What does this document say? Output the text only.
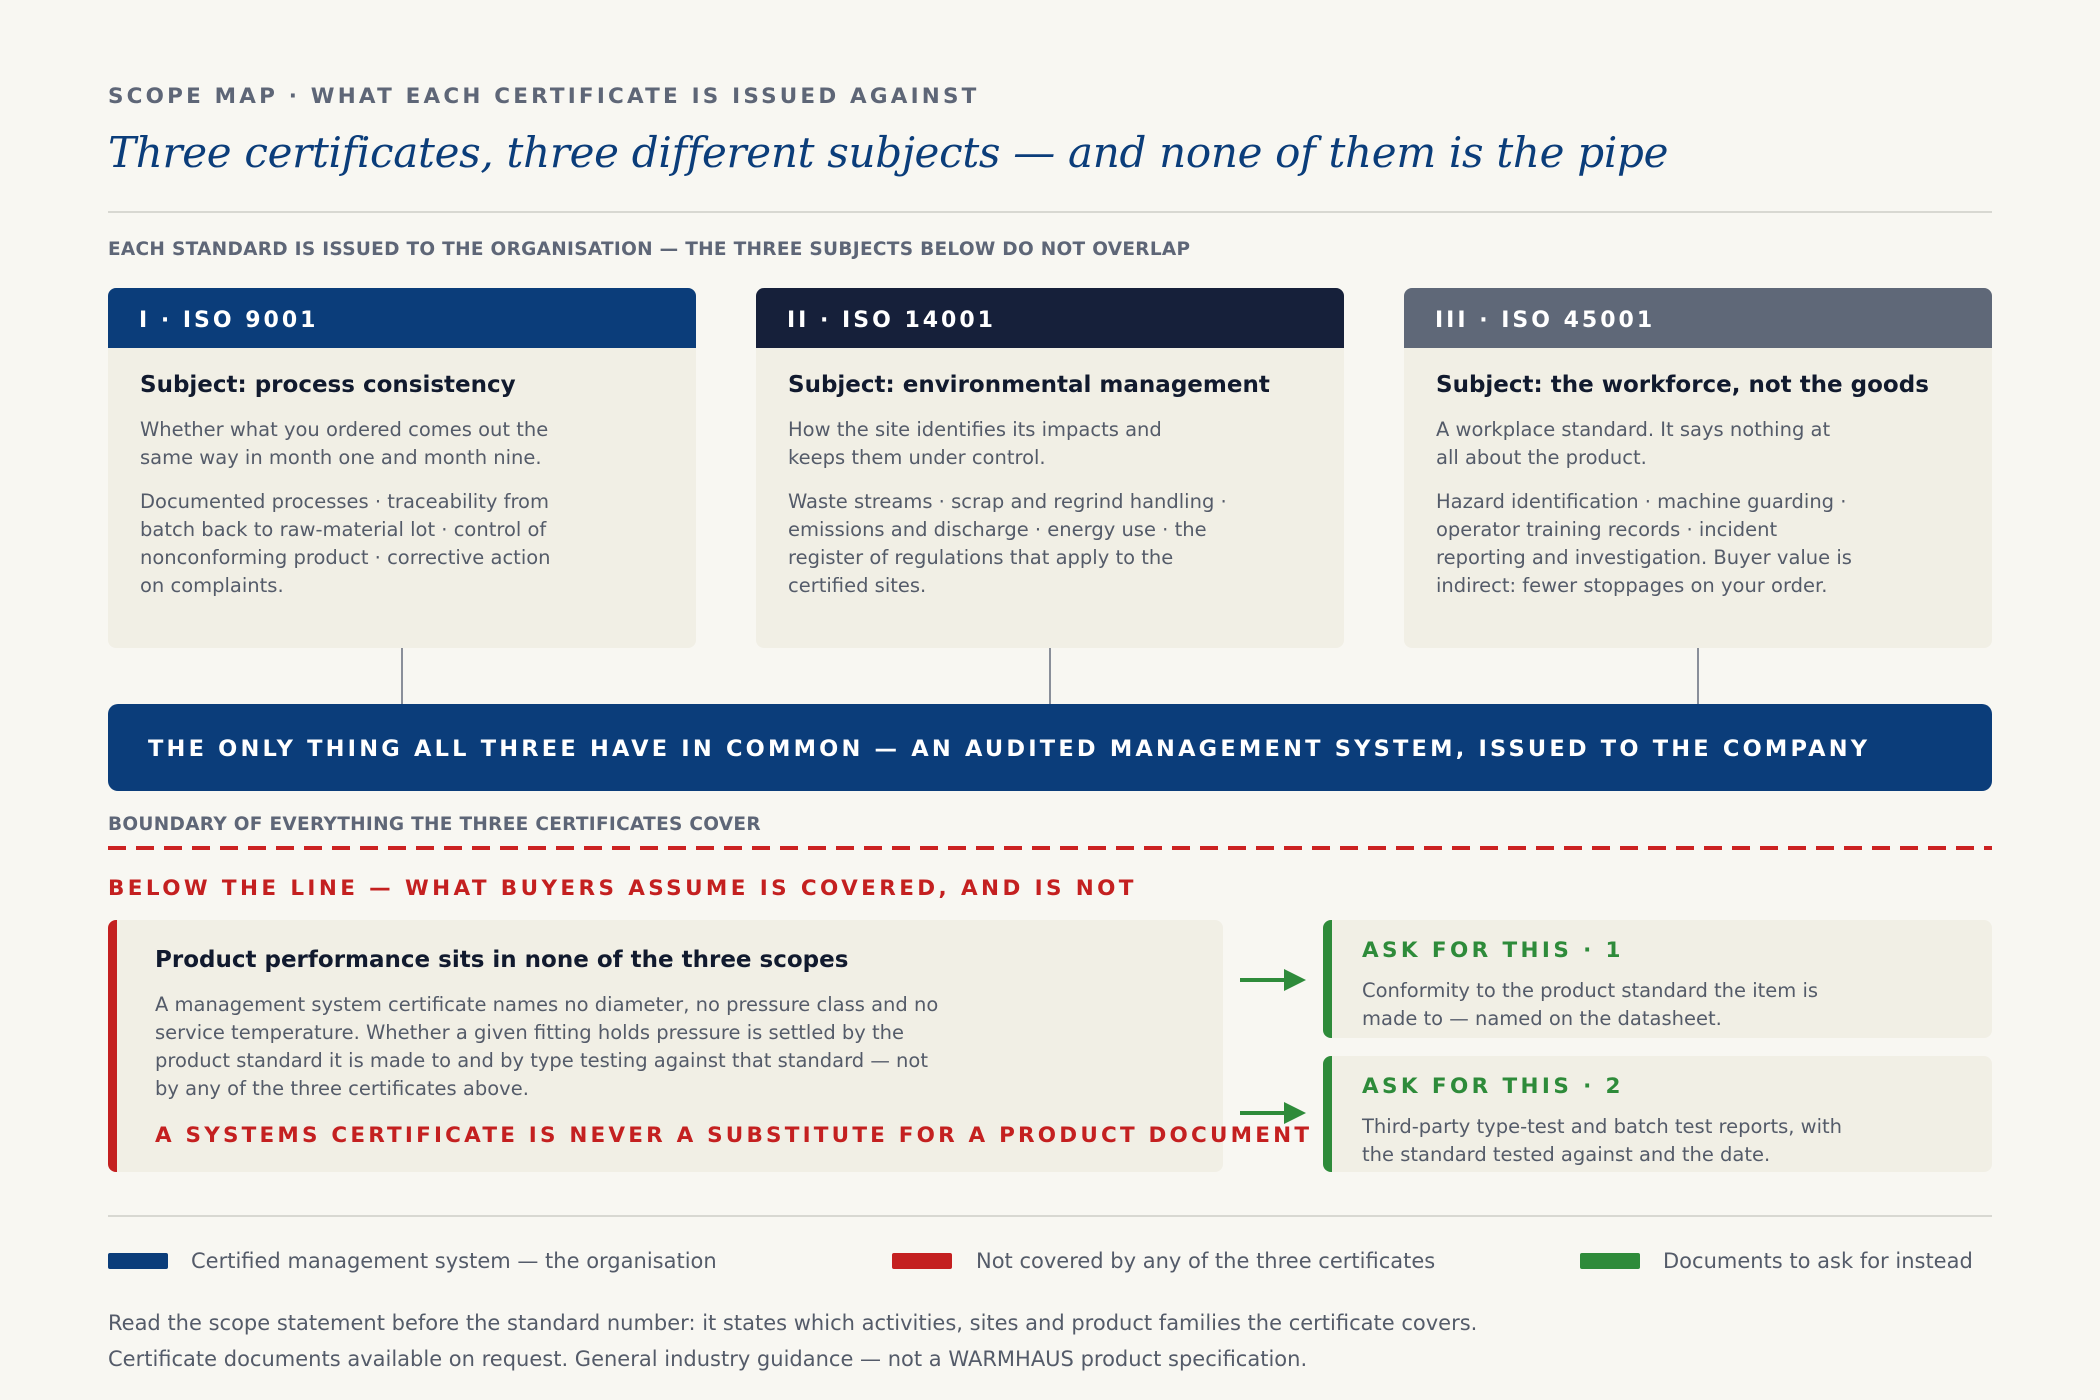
SCOPE MAP · WHAT EACH CERTIFICATE IS ISSUED AGAINST
Three certificates, three different subjects — and none of them is the pipe
EACH STANDARD IS ISSUED TO THE ORGANISATION — THE THREE SUBJECTS BELOW DO NOT OVERLAP
I · ISO 9001
Subject: process consistency
Whether what you ordered comes out the same way in month one and month nine.
Documented processes · traceability from batch back to raw-material lot · control of nonconforming product · corrective action on complaints.
II · ISO 14001
Subject: environmental management
How the site identifies its impacts and keeps them under control.
Waste streams · scrap and regrind handling · emissions and discharge · energy use · the register of regulations that apply to the certified sites.
III · ISO 45001
Subject: the workforce, not the goods
A workplace standard. It says nothing at all about the product.
Hazard identification · machine guarding · operator training records · incident reporting and investigation. Buyer value is indirect: fewer stoppages on your order.
THE ONLY THING ALL THREE HAVE IN COMMON — AN AUDITED MANAGEMENT SYSTEM, ISSUED TO THE COMPANY
BOUNDARY OF EVERYTHING THE THREE CERTIFICATES COVER
BELOW THE LINE — WHAT BUYERS ASSUME IS COVERED, AND IS NOT
Product performance sits in none of the three scopes
A management system certificate names no diameter, no pressure class and no service temperature. Whether a given fitting holds pressure is settled by the product standard it is made to and by type testing against that standard — not by any of the three certificates above.
A SYSTEMS CERTIFICATE IS NEVER A SUBSTITUTE FOR A PRODUCT DOCUMENT
ASK FOR THIS · 1
Conformity to the product standard the item is made to — named on the datasheet.
ASK FOR THIS · 2
Third-party type-test and batch test reports, with the standard tested against and the date.
Certified management system — the organisation	Not covered by any of the three certificates	Documents to ask for instead
Read the scope statement before the standard number: it states which activities, sites and product families the certificate covers.
Certificate documents available on request. General industry guidance — not a WARMHAUS product specification.
